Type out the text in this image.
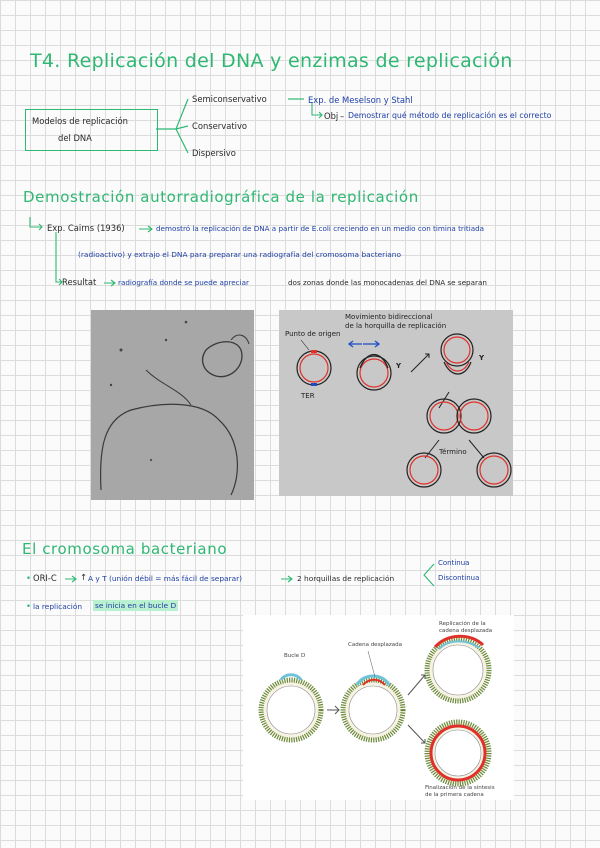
T4. Replicación del DNA y enzimas de replicación
Modelos de replicación
del DNA
Semiconservativo
Conservativo
Dispersivo
Exp. de Meselson y Stahl
Obj – Demostrar qué método de replicación es el correcto
Demostración autorradiográfica de la replicación
Exp. Cairns (1936)	demostró la replicación de DNA a partir de E.coli creciendo en un medio con timina tritiada
(radioactivo) y extrajo el DNA para preparar una radiografía del cromosoma bacteriano
Resultat	radiografía donde se puede apreciar	dos zonas donde las monocadenas del DNA se separan
Movimiento bidireccional
de la horquilla de replicación
Punto de origen
TER
Y
Y
Término
El cromosoma bacteriano
• ORI-C	↑ A y T (unión débil = más fácil de separar)	2 horquillas de replicación
Continua
Discontinua
• la replicación se inicia en el bucle D
Bucle D
Cadena desplazada
Replicación de la
cadena desplazada
Finalización de la síntesis
de la primera cadena
